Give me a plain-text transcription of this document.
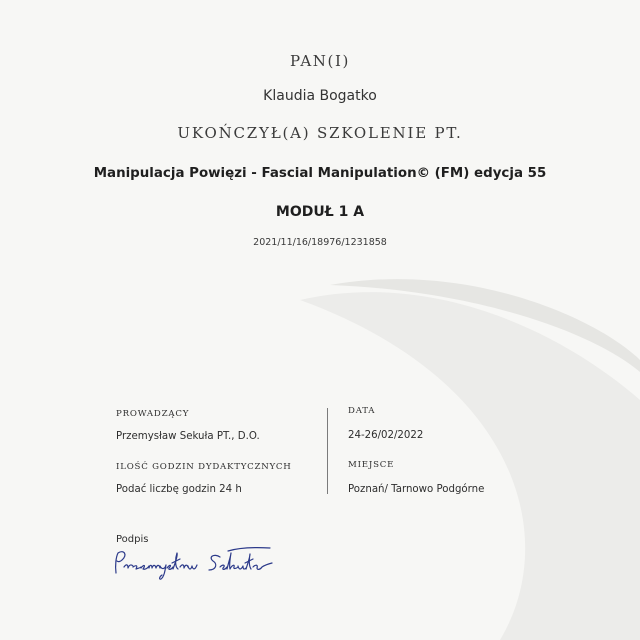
PAN(I)
Klaudia Bogatko
UKOŃCZYŁ(A) SZKOLENIE PT.
Manipulacja Powięzi - Fascial Manipulation© (FM) edycja 55
MODUŁ 1 A
2021/11/16/18976/1231858
PROWADZĄCY
Przemysław Sekuła PT., D.O.
ILOŚĆ GODZIN DYDAKTYCZNYCH
Podać liczbę godzin 24 h
DATA
24-26/02/2022
MIEJSCE
Poznań/ Tarnowo Podgórne
Podpis
